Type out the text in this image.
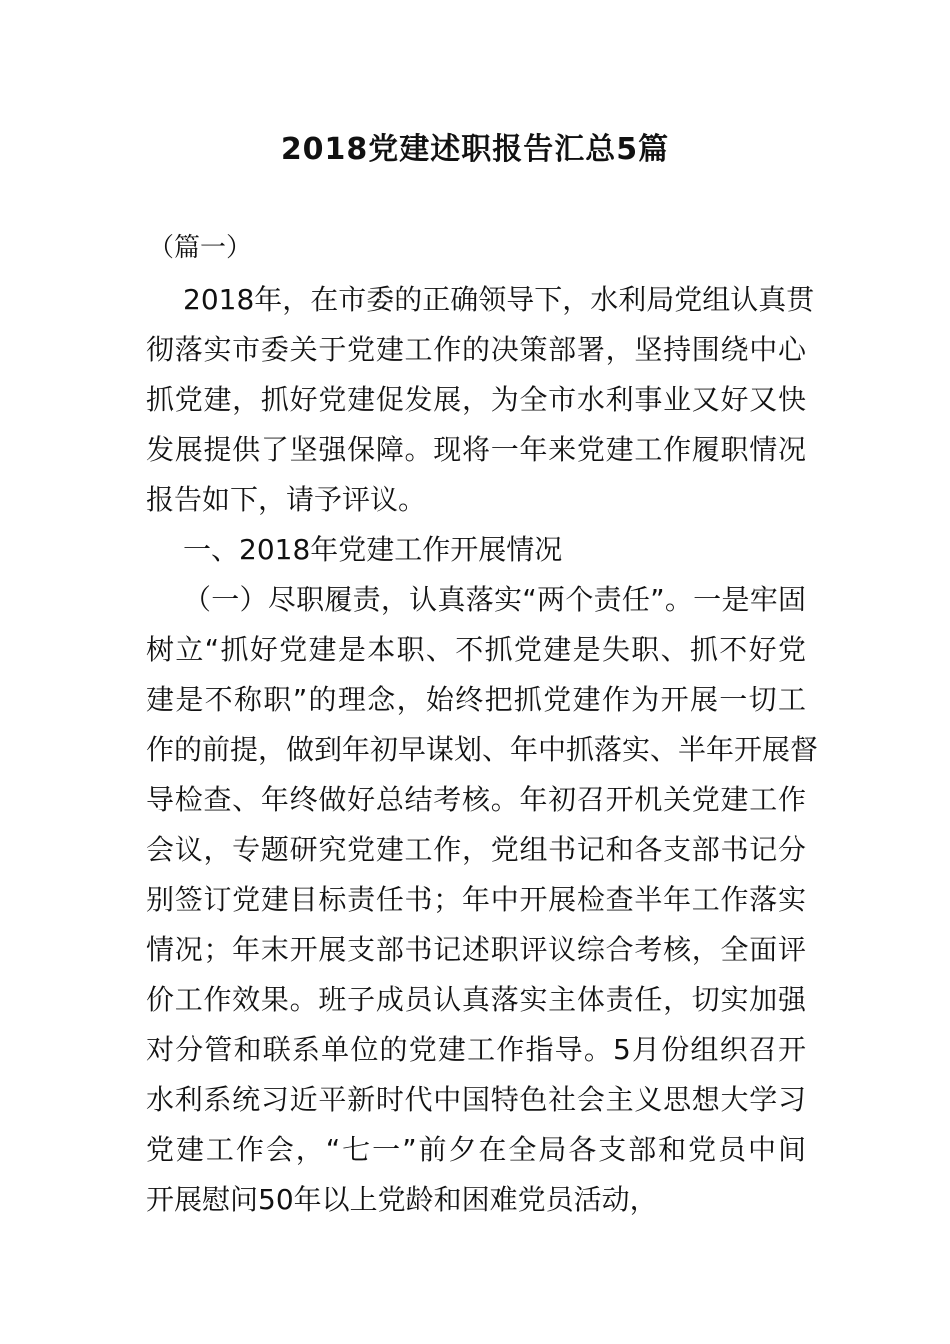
2018党建述职报告汇总5篇
（篇一）
2018年，在市委的正确领导下，水利局党组认真贯
彻落实市委关于党建工作的决策部署，坚持围绕中心
抓党建，抓好党建促发展，为全市水利事业又好又快
发展提供了坚强保障。现将一年来党建工作履职情况
报告如下，请予评议。
一、2018年党建工作开展情况
（一）尽职履责，认真落实“两个责任”。一是牢固
树立“抓好党建是本职、不抓党建是失职、抓不好党
建是不称职”的理念，始终把抓党建作为开展一切工
作的前提，做到年初早谋划、年中抓落实、半年开展督
导检查、年终做好总结考核。年初召开机关党建工作
会议，专题研究党建工作，党组书记和各支部书记分
别签订党建目标责任书；年中开展检查半年工作落实
情况；年末开展支部书记述职评议综合考核，全面评
价工作效果。班子成员认真落实主体责任，切实加强
对分管和联系单位的党建工作指导。5月份组织召开
水利系统习近平新时代中国特色社会主义思想大学习
党建工作会，“七一”前夕在全局各支部和党员中间
开展慰问50年以上党龄和困难党员活动，
